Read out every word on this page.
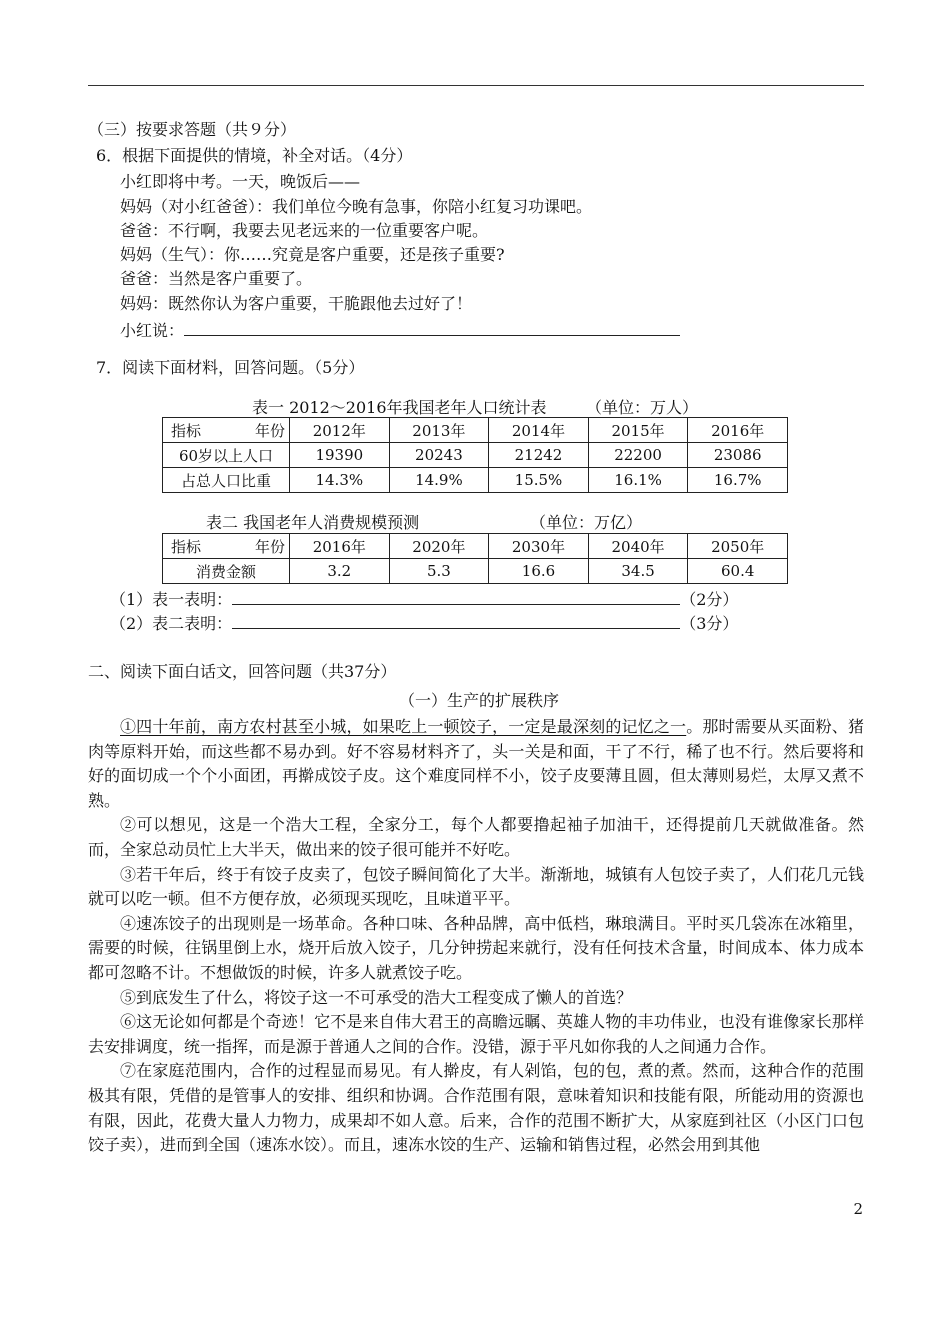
（三）按要求答题（共９分）
6．根据下面提供的情境，补全对话。（4分）
小红即将中考。一天，晚饭后——
妈妈（对小红爸爸）：我们单位今晚有急事，你陪小红复习功课吧。
爸爸：不行啊，我要去见老远来的一位重要客户呢。
妈妈（生气）：你……究竟是客户重要，还是孩子重要?
爸爸：当然是客户重要了。
妈妈：既然你认为客户重要，干脆跟他去过好了！
小红说：
7．阅读下面材料，回答问题。（5分）
表一 2012～2016年我国老年人口统计表 （单位：万人）
指标 年份	2012年	2013年	2014年	2015年	2016年
60岁以上人口	19390	20243	21242	22200	23086
占总人口比重	14.3%	14.9%	15.5%	16.1%	16.7%
表二 我国老年人消费规模预测	（单位：万亿）
指标 年份	2016年	2020年	2030年	2040年	2050年
消费金额	3.2	5.3	16.6	34.5	60.4
（1）表一表明：	（2分）
（2）表二表明：	（3分）
二、阅读下面白话文，回答问题（共37分）
（一）生产的扩展秩序

①四十年前，南方农村甚至小城，如果吃上一顿饺子，一定是最深刻的记忆之一。那时需要从买面粉、猪肉等原料开始，而这些都不易办到。好不容易材料齐了，头一关是和面，干了不行，稀了也不行。然后要将和好的面切成一个个小面团，再擀成饺子皮。这个难度同样不小，饺子皮要薄且圆，但太薄则易烂，太厚又煮不熟。

②可以想见，这是一个浩大工程，全家分工，每个人都要撸起袖子加油干，还得提前几天就做准备。然而，全家总动员忙上大半天，做出来的饺子很可能并不好吃。

③若干年后，终于有饺子皮卖了，包饺子瞬间简化了大半。渐渐地，城镇有人包饺子卖了，人们花几元钱就可以吃一顿。但不方便存放，必须现买现吃，且味道平平。

④速冻饺子的出现则是一场革命。各种口味、各种品牌，高中低档，琳琅满目。平时买几袋冻在冰箱里，需要的时候，往锅里倒上水，烧开后放入饺子，几分钟捞起来就行，没有任何技术含量，时间成本、体力成本都可忽略不计。不想做饭的时候，许多人就煮饺子吃。

⑤到底发生了什么，将饺子这一不可承受的浩大工程变成了懒人的首选？

⑥这无论如何都是个奇迹！它不是来自伟大君王的高瞻远瞩、英雄人物的丰功伟业，也没有谁像家长那样去安排调度，统一指挥，而是源于普通人之间的合作。没错，源于平凡如你我的人之间通力合作。

⑦在家庭范围内，合作的过程显而易见。有人擀皮，有人剁馅，包的包，煮的煮。然而，这种合作的范围极其有限，凭借的是管事人的安排、组织和协调。合作范围有限，意味着知识和技能有限，所能动用的资源也有限，因此，花费大量人力物力，成果却不如人意。后来，合作的范围不断扩大，从家庭到社区（小区门口包饺子卖），进而到全国（速冻水饺）。而且，速冻水饺的生产、运输和销售过程，必然会用到其他

2
